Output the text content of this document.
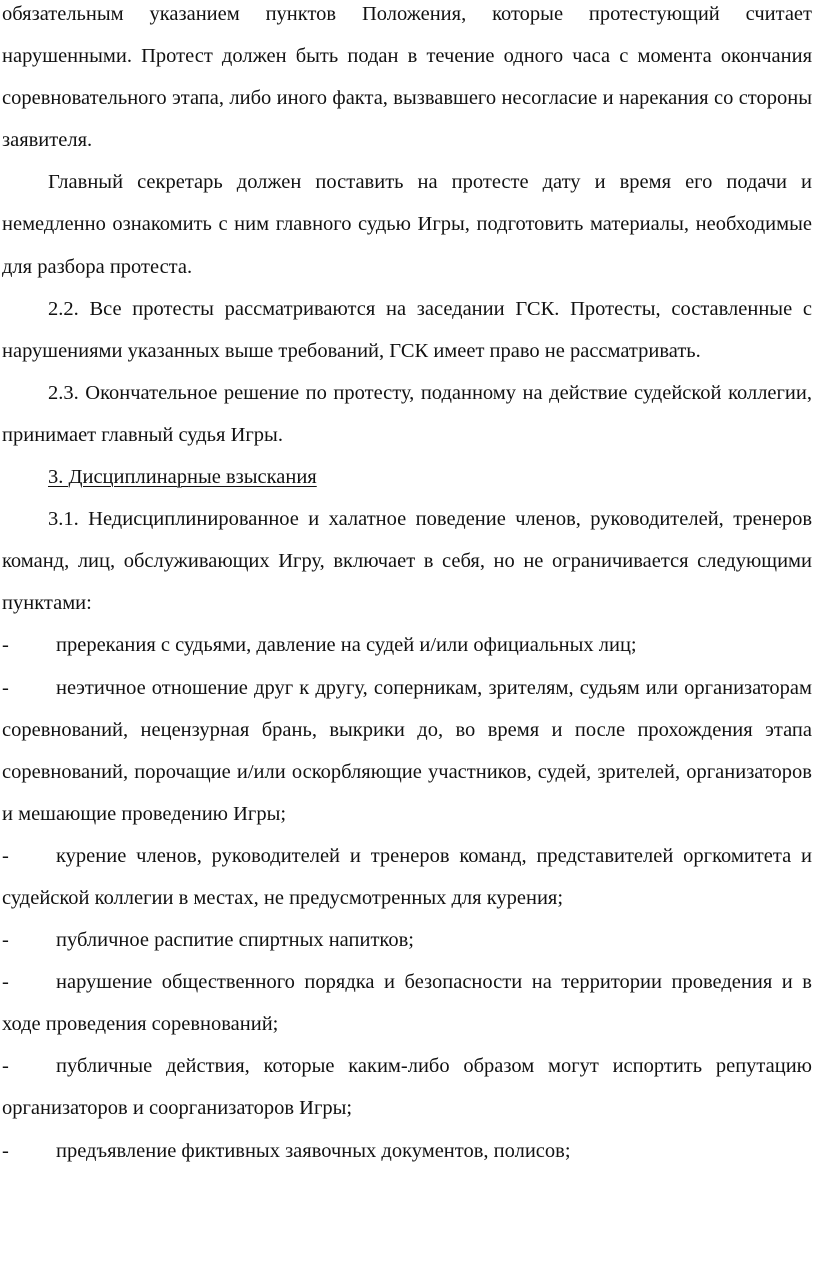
обязательным указанием пунктов Положения, которые протестующий считает нарушенными. Протест должен быть подан в течение одного часа с момента окончания соревновательного этапа, либо иного факта, вызвавшего несогласие и нарекания со стороны заявителя.

Главный секретарь должен поставить на протесте дату и время его подачи и немедленно ознакомить с ним главного судью Игры, подготовить материалы, необходимые для разбора протеста.

2.2. Все протесты рассматриваются на заседании ГСК. Протесты, составленные с нарушениями указанных выше требований, ГСК имеет право не рассматривать.

2.3. Окончательное решение по протесту, поданному на действие судейской коллегии, принимает главный судья Игры.

3. Дисциплинарные взыскания

3.1. Недисциплинированное и халатное поведение членов, руководителей, тренеров команд, лиц, обслуживающих Игру, включает в себя, но не ограничивается следующими пунктами:

- пререкания с судьями, давление на судей и/или официальных лиц;

- неэтичное отношение друг к другу, соперникам, зрителям, судьям или организаторам соревнований, нецензурная брань, выкрики до, во время и после прохождения этапа соревнований, порочащие и/или оскорбляющие участников, судей, зрителей, организаторов и мешающие проведению Игры;

- курение членов, руководителей и тренеров команд, представителей оргкомитета и судейской коллегии в местах, не предусмотренных для курения;

- публичное распитие спиртных напитков;

- нарушение общественного порядка и безопасности на территории проведения и в ходе проведения соревнований;

- публичные действия, которые каким-либо образом могут испортить репутацию организаторов и соорганизаторов Игры;

- предъявление фиктивных заявочных документов, полисов;
